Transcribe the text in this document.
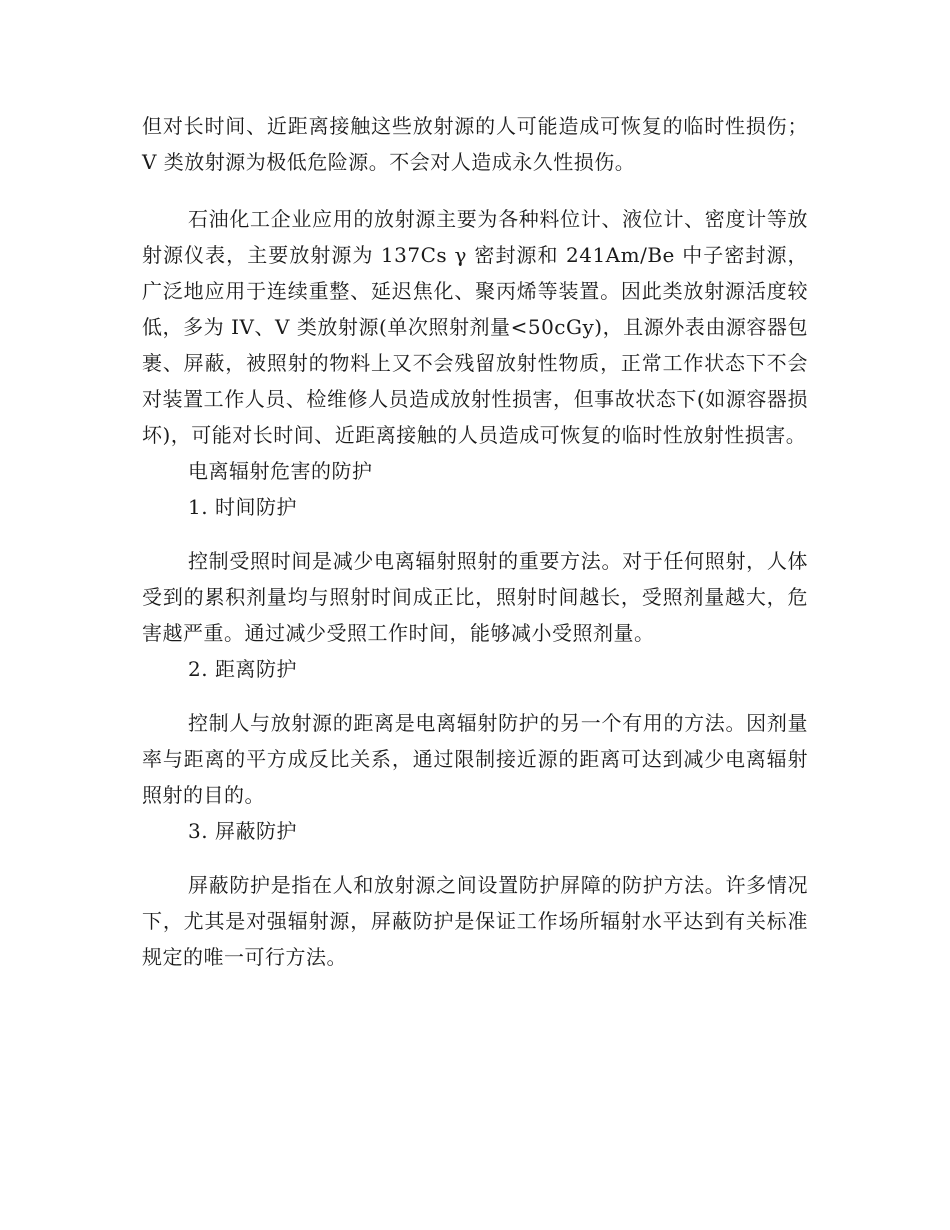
但对长时间、近距离接触这些放射源的人可能造成可恢复的临时性损伤；V 类放射源为极低危险源。不会对人造成永久性损伤。

石油化工企业应用的放射源主要为各种料位计、液位计、密度计等放射源仪表，主要放射源为 137Cs γ 密封源和 241Am/Be 中子密封源，广泛地应用于连续重整、延迟焦化、聚丙烯等装置。因此类放射源活度较低，多为 IV、V 类放射源(单次照射剂量<50cGy)，且源外表由源容器包裹、屏蔽，被照射的物料上又不会残留放射性物质，正常工作状态下不会对装置工作人员、检维修人员造成放射性损害，但事故状态下(如源容器损坏)，可能对长时间、近距离接触的人员造成可恢复的临时性放射性损害。

电离辐射危害的防护

1. 时间防护

控制受照时间是减少电离辐射照射的重要方法。对于任何照射，人体受到的累积剂量均与照射时间成正比，照射时间越长，受照剂量越大，危害越严重。通过减少受照工作时间，能够减小受照剂量。

2. 距离防护

控制人与放射源的距离是电离辐射防护的另一个有用的方法。因剂量率与距离的平方成反比关系，通过限制接近源的距离可达到减少电离辐射照射的目的。

3. 屏蔽防护

屏蔽防护是指在人和放射源之间设置防护屏障的防护方法。许多情况下，尤其是对强辐射源，屏蔽防护是保证工作场所辐射水平达到有关标准规定的唯一可行方法。
